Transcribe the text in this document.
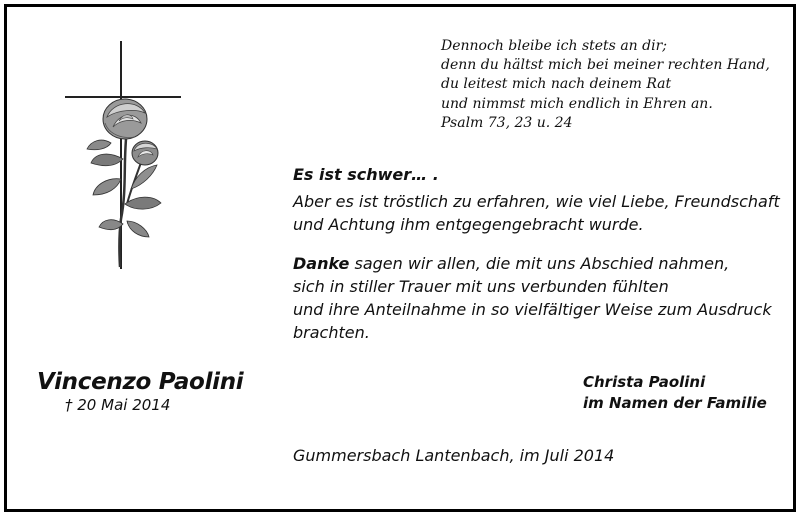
Dennoch bleibe ich stets an dir;
denn du hältst mich bei meiner rechten Hand,
du leitest mich nach deinem Rat
und nimmst mich endlich in Ehren an.
Psalm 73, 23 u. 24
Es ist schwer… .
Aber es ist tröstlich zu erfahren, wie viel Liebe, Freundschaft
und Achtung ihm entgegengebracht wurde.
Danke sagen wir allen, die mit uns Abschied nahmen,
sich in stiller Trauer mit uns verbunden fühlten
und ihre Anteilnahme in so vielfältiger Weise zum Ausdruck
brachten.
Vincenzo Paolini
† 20 Mai 2014
Christa Paolini
im Namen der Familie
Gummersbach Lantenbach, im Juli 2014
